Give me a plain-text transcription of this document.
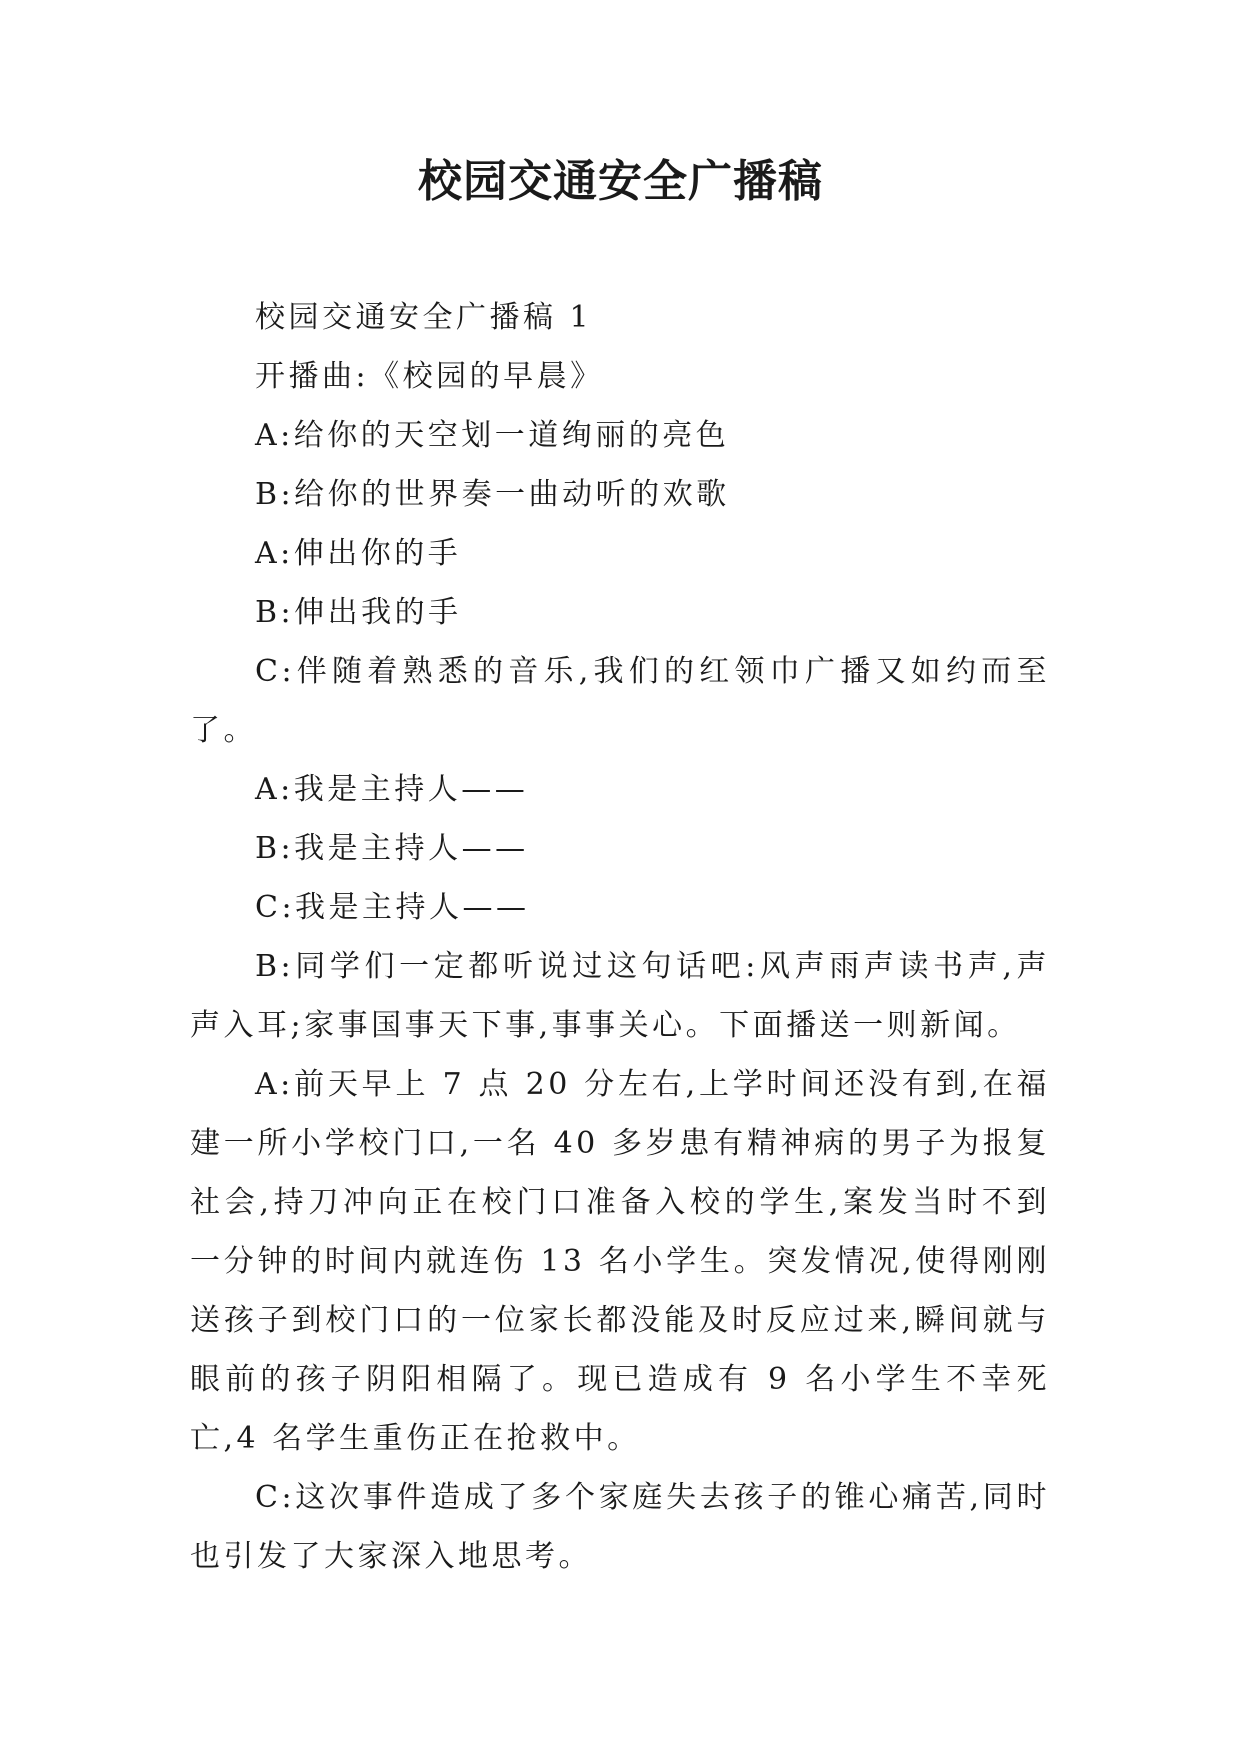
校园交通安全广播稿

校园交通安全广播稿 1

开播曲:《校园的早晨》

A:给你的天空划一道绚丽的亮色

B:给你的世界奏一曲动听的欢歌

A:伸出你的手

B:伸出我的手

C:伴随着熟悉的音乐,我们的红领巾广播又如约而至了。

A:我是主持人——

B:我是主持人——

C:我是主持人——

B:同学们一定都听说过这句话吧:风声雨声读书声,声声入耳;家事国事天下事,事事关心。下面播送一则新闻。

A:前天早上 7 点 20 分左右,上学时间还没有到,在福建一所小学校门口,一名 40 多岁患有精神病的男子为报复社会,持刀冲向正在校门口准备入校的学生,案发当时不到一分钟的时间内就连伤 13 名小学生。突发情况,使得刚刚送孩子到校门口的一位家长都没能及时反应过来,瞬间就与眼前的孩子阴阳相隔了。现已造成有 9 名小学生不幸死亡,4 名学生重伤正在抢救中。

C:这次事件造成了多个家庭失去孩子的锥心痛苦,同时也引发了大家深入地思考。
